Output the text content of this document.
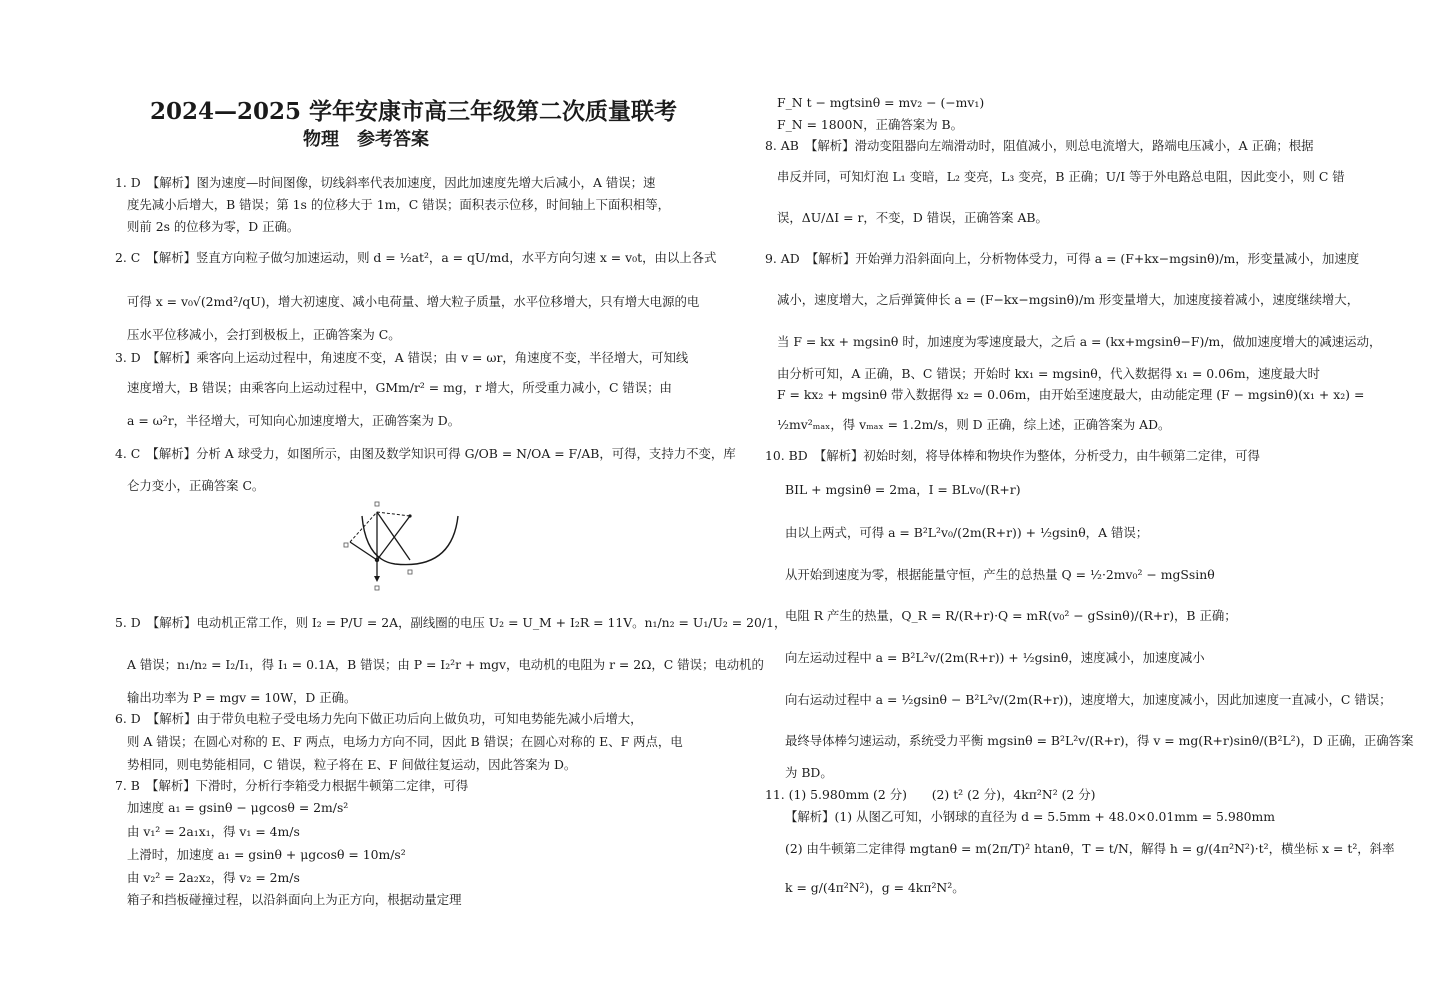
2024—2025 学年安康市高三年级第二次质量联考
物理　参考答案
1. D　【解析】图为速度—时间图像，切线斜率代表加速度，因此加速度先增大后减小，A 错误；速
度先减小后增大，B 错误；第 1s 的位移大于 1m，C 错误；面积表示位移，时间轴上下面积相等，
则前 2s 的位移为零，D 正确。
2. C　【解析】竖直方向粒子做匀加速运动，则 d = ½at²，a = qU/md，水平方向匀速 x = v₀t，由以上各式
可得 x = v₀√(2md²/qU)，增大初速度、减小电荷量、增大粒子质量，水平位移增大，只有增大电源的电
压水平位移减小，会打到极板上，正确答案为 C。
3. D　【解析】乘客向上运动过程中，角速度不变，A 错误；由 v = ωr，角速度不变，半径增大，可知线
速度增大，B 错误；由乘客向上运动过程中，GMm/r² = mg，r 增大，所受重力减小，C 错误；由
a = ω²r，半径增大，可知向心加速度增大，正确答案为 D。
4. C　【解析】分析 A 球受力，如图所示，由图及数学知识可得 G/OB = N/OA = F/AB，可得，支持力不变，库
仑力变小，正确答案 C。
5. D　【解析】电动机正常工作，则 I₂ = P/U = 2A，副线圈的电压 U₂ = U_M + I₂R = 11V。n₁/n₂ = U₁/U₂ = 20/1，
A 错误；n₁/n₂ = I₂/I₁，得 I₁ = 0.1A，B 错误；由 P = I₂²r + mgv，电动机的电阻为 r = 2Ω，C 错误；电动机的
输出功率为 P = mgv = 10W，D 正确。
6. D　【解析】由于带负电粒子受电场力先向下做正功后向上做负功，可知电势能先减小后增大，
则 A 错误；在圆心对称的 E、F 两点，电场力方向不同，因此 B 错误；在圆心对称的 E、F 两点，电
势相同，则电势能相同，C 错误，粒子将在 E、F 间做往复运动，因此答案为 D。
7. B　【解析】下滑时，分析行李箱受力根据牛顿第二定律，可得
加速度 a₁ = gsinθ − μgcosθ = 2m/s²
由 v₁² = 2a₁x₁，得 v₁ = 4m/s
上滑时，加速度 a₁ = gsinθ + μgcosθ = 10m/s²
由 v₂² = 2a₂x₂，得 v₂ = 2m/s
箱子和挡板碰撞过程，以沿斜面向上为正方向，根据动量定理
F_N t − mgtsinθ = mv₂ − (−mv₁)
F_N = 1800N，正确答案为 B。
8. AB　【解析】滑动变阻器向左端滑动时，阻值减小，则总电流增大，路端电压减小，A 正确；根据
串反并同，可知灯泡 L₁ 变暗，L₂ 变亮，L₃ 变亮，B 正确；U/I 等于外电路总电阻，因此变小，则 C 错
误，ΔU/ΔI = r，不变，D 错误，正确答案 AB。
9. AD　【解析】开始弹力沿斜面向上，分析物体受力，可得 a = (F+kx−mgsinθ)/m，形变量减小，加速度
减小，速度增大，之后弹簧伸长 a = (F−kx−mgsinθ)/m 形变量增大，加速度接着减小，速度继续增大，
当 F = kx + mgsinθ 时，加速度为零速度最大，之后 a = (kx+mgsinθ−F)/m，做加速度增大的减速运动，
由分析可知，A 正确，B、C 错误；开始时 kx₁ = mgsinθ，代入数据得 x₁ = 0.06m，速度最大时
F = kx₂ + mgsinθ 带入数据得 x₂ = 0.06m，由开始至速度最大，由动能定理 (F − mgsinθ)(x₁ + x₂) =
½mv²ₘₐₓ，得 vₘₐₓ = 1.2m/s，则 D 正确，综上述，正确答案为 AD。
10. BD　【解析】初始时刻，将导体棒和物块作为整体，分析受力，由牛顿第二定律，可得
BIL + mgsinθ = 2ma，I = BLv₀/(R+r)
由以上两式，可得 a = B²L²v₀/(2m(R+r)) + ½gsinθ，A 错误；
从开始到速度为零，根据能量守恒，产生的总热量 Q = ½·2mv₀² − mgSsinθ
电阻 R 产生的热量，Q_R = R/(R+r)·Q = mR(v₀² − gSsinθ)/(R+r)，B 正确；
向左运动过程中 a = B²L²v/(2m(R+r)) + ½gsinθ，速度减小，加速度减小
向右运动过程中 a = ½gsinθ − B²L²v/(2m(R+r))，速度增大，加速度减小，因此加速度一直减小，C 错误；
最终导体棒匀速运动，系统受力平衡 mgsinθ = B²L²v/(R+r)，得 v = mg(R+r)sinθ/(B²L²)，D 正确，正确答案
为 BD。
11. (1) 5.980mm (2 分)　　(2) t² (2 分)，4kπ²N² (2 分)
【解析】(1) 从图乙可知，小钢球的直径为 d = 5.5mm + 48.0×0.01mm = 5.980mm
(2) 由牛顿第二定律得 mgtanθ = m(2π/T)² htanθ，T = t/N，解得 h = g/(4π²N²)·t²，横坐标 x = t²，斜率
k = g/(4π²N²)，g = 4kπ²N²。
